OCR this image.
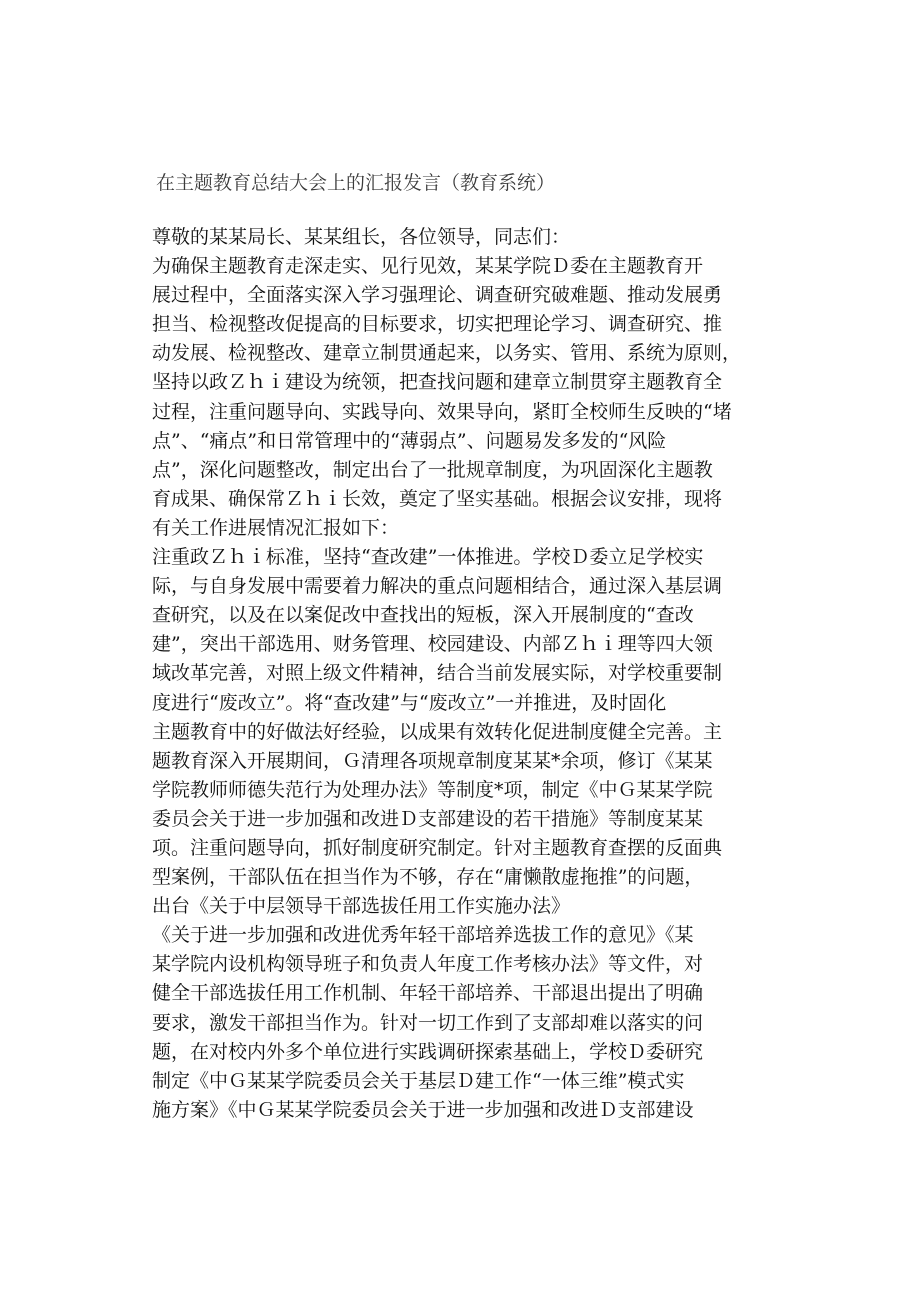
在主题教育总结大会上的汇报发言（教育系统）
尊敬的某某局长、某某组长，各位领导，同志们：
为确保主题教育走深走实、见行见效，某某学院Ｄ委在主题教育开
展过程中，全面落实深入学习强理论、调查研究破难题、推动发展勇
担当、检视整改促提高的目标要求，切实把理论学习、调查研究、推
动发展、检视整改、建章立制贯通起来，以务实、管用、系统为原则，
坚持以政Ｚｈｉ建设为统领，把查找问题和建章立制贯穿主题教育全
过程，注重问题导向、实践导向、效果导向，紧盯全校师生反映的“堵
点”、“痛点”和日常管理中的“薄弱点”、问题易发多发的“风险
点”，深化问题整改，制定出台了一批规章制度，为巩固深化主题教
育成果、确保常Ｚｈｉ长效，奠定了坚实基础。根据会议安排，现将
有关工作进展情况汇报如下：
注重政Ｚｈｉ标准，坚持“查改建”一体推进。学校Ｄ委立足学校实
际，与自身发展中需要着力解决的重点问题相结合，通过深入基层调
查研究，以及在以案促改中查找出的短板，深入开展制度的“查改
建”，突出干部选用、财务管理、校园建设、内部Ｚｈｉ理等四大领
域改革完善，对照上级文件精神，结合当前发展实际，对学校重要制
度进行“废改立”。将“查改建”与“废改立”一并推进，及时固化
主题教育中的好做法好经验，以成果有效转化促进制度健全完善。主
题教育深入开展期间，Ｇ清理各项规章制度某某*余项，修订《某某
学院教师师德失范行为处理办法》等制度*项，制定《中Ｇ某某学院
委员会关于进一步加强和改进Ｄ支部建设的若干措施》等制度某某
项。注重问题导向，抓好制度研究制定。针对主题教育查摆的反面典
型案例，干部队伍在担当作为不够，存在“庸懒散虚拖推”的问题，
出台《关于中层领导干部选拔任用工作实施办法》
《关于进一步加强和改进优秀年轻干部培养选拔工作的意见》《某
某学院内设机构领导班子和负责人年度工作考核办法》等文件，对
健全干部选拔任用工作机制、年轻干部培养、干部退出提出了明确
要求，激发干部担当作为。针对一切工作到了支部却难以落实的问
题，在对校内外多个单位进行实践调研探索基础上，学校Ｄ委研究
制定《中Ｇ某某学院委员会关于基层Ｄ建工作“一体三维”模式实
施方案》《中Ｇ某某学院委员会关于进一步加强和改进Ｄ支部建设
